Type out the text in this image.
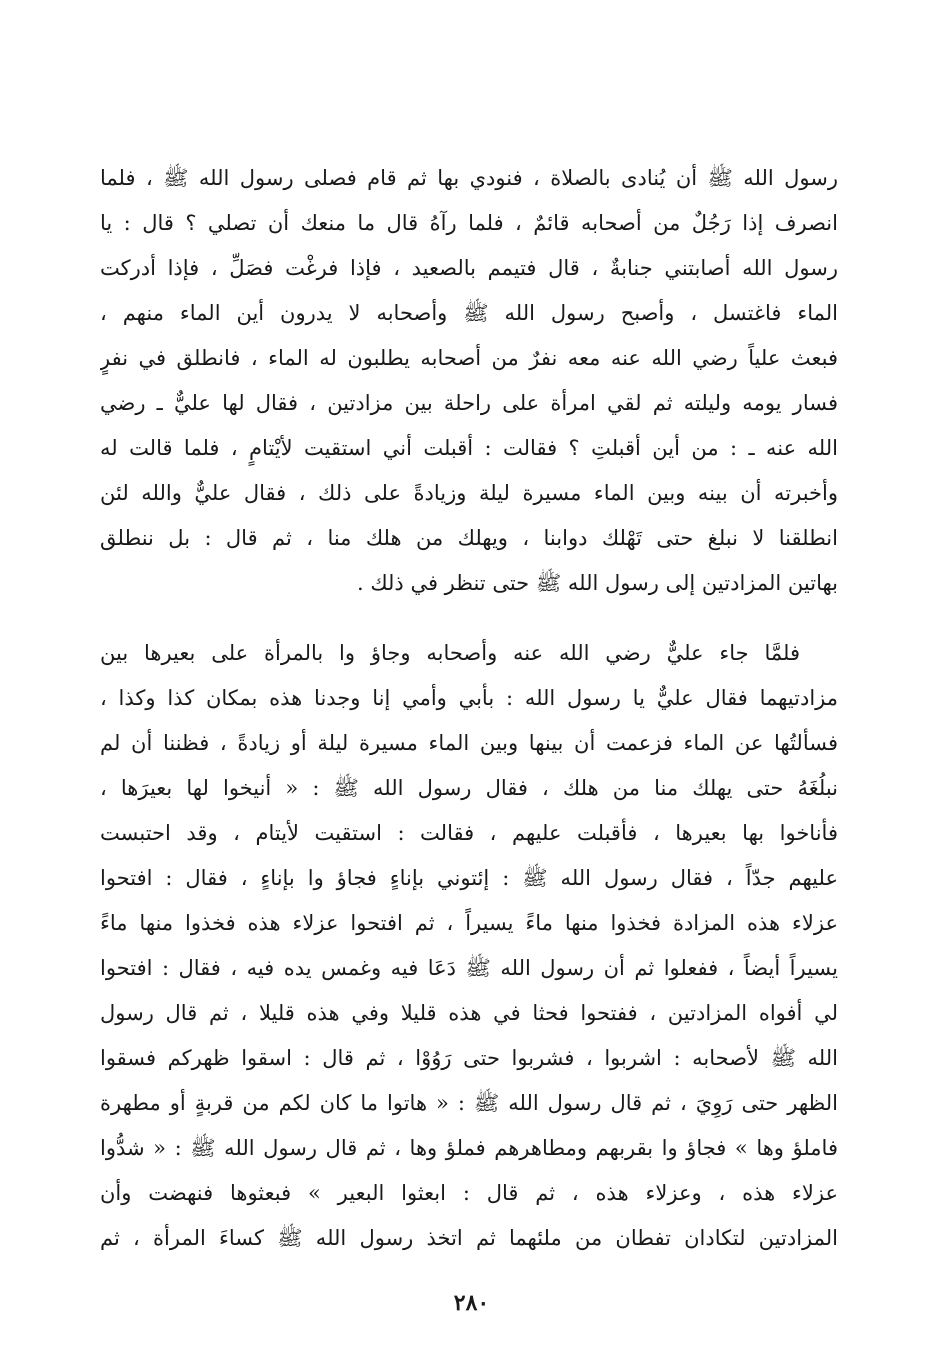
رسول الله ﷺ أن يُنادى بالصلاة ، فنودي بها ثم قام فصلى رسول الله ﷺ ، فلما
انصرف إذا رَجُلٌ من أصحابه قائمٌ ، فلما رآهُ قال ما منعك أن تصلي ؟ قال : يا
رسول الله أصابتني جنابةٌ ، قال فتيمم بالصعيد ، فإذا فرغْت فصَلِّ ، فإذا أدركت
الماء فاغتسل ، وأصبح رسول الله ﷺ وأصحابه لا يدرون أين الماء منهم ،
فبعث علياً رضي الله عنه معه نفرٌ من أصحابه يطلبون له الماء ، فانطلق في نفرٍ
فسار يومه وليلته ثم لقي امرأة على راحلة بين مزادتين ، فقال لها عليٌّ ـ رضي
الله عنه ـ : من أين أقبلتِ ؟ فقالت : أقبلت أني استقيت لأيْتامٍ ، فلما قالت له
وأخبرته أن بينه وبين الماء مسيرة ليلة وزيادةً على ذلك ، فقال عليٌّ والله لئن
انطلقنا لا نبلغ حتى تَهْلك دوابنا ، ويهلك من هلك منا ، ثم قال : بل ننطلق
بهاتين المزادتين إلى رسول الله ﷺ حتى تنظر في ذلك .
فلمَّا جاء عليٌّ رضي الله عنه وأصحابه وجاؤ وا بالمرأة على بعيرها بين
مزادتيهما فقال عليٌّ يا رسول الله : بأبي وأمي إنا وجدنا هذه بمكان كذا وكذا ،
فسألتُها عن الماء فزعمت أن بينها وبين الماء مسيرة ليلة أو زيادةً ، فظننا أن لم
نبلُغَهُ حتى يهلك منا من هلك ، فقال رسول الله ﷺ : « أنيخوا لها بعيرَها ،
فأناخوا بها بعيرها ، فأقبلت عليهم ، فقالت : استقيت لأيتام ، وقد احتبست
عليهم جدّاً ، فقال رسول الله ﷺ : إئتوني بإناءٍ فجاؤ وا بإناءٍ ، فقال : افتحوا
عزلاء هذه المزادة فخذوا منها ماءً يسيراً ، ثم افتحوا عزلاء هذه فخذوا منها ماءً
يسيراً أيضاً ، ففعلوا ثم أن رسول الله ﷺ دَعَا فيه وغمس يده فيه ، فقال : افتحوا
لي أفواه المزادتين ، ففتحوا فحثا في هذه قليلا وفي هذه قليلا ، ثم قال رسول
الله ﷺ لأصحابه : اشربوا ، فشربوا حتى رَوُوْا ، ثم قال : اسقوا ظهركم فسقوا
الظهر حتى رَوِيَ ، ثم قال رسول الله ﷺ : « هاتوا ما كان لكم من قربةٍ أو مطهرة
فاملؤ وها » فجاؤ وا بقربهم ومطاهرهم فملؤ وها ، ثم قال رسول الله ﷺ : « شدُّوا
عزلاء هذه ، وعزلاء هذه ، ثم قال : ابعثوا البعير » فبعثوها فنهضت وأن
المزادتين لتكادان تفطان من ملئهما ثم اتخذ رسول الله ﷺ كساءَ المرأة ، ثم
٢٨٠
